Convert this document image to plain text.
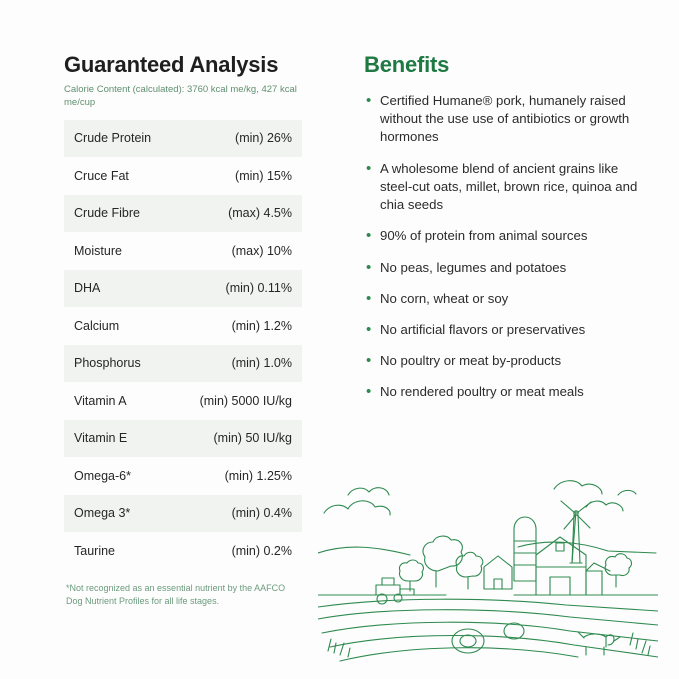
Guaranteed Analysis

Calorie Content (calculated): 3760 kcal me/kg, 427 kcal me/cup

Crude Protein	(min) 26%
Cruce Fat	(min) 15%
Crude Fibre	(max) 4.5%
Moisture	(max) 10%
DHA	(min) 0.11%
Calcium	(min) 1.2%
Phosphorus	(min) 1.0%
Vitamin A	(min) 5000 IU/kg
Vitamin E	(min) 50 IU/kg
Omega-6*	(min) 1.25%
Omega 3*	(min) 0.4%
Taurine	(min) 0.2%
*Not recognized as an essential nutrient by the AAFCO Dog Nutrient Profiles for all life stages.
Benefits
• Certified Humane® pork, humanely raised without the use use of antibiotics or growth hormones
• A wholesome blend of ancient grains like steel-cut oats, millet, brown rice, quinoa and chia seeds
• 90% of protein from animal sources
• No peas, legumes and potatoes
• No corn, wheat or soy
• No artificial flavors or preservatives
• No poultry or meat by-products
• No rendered poultry or meat meals
